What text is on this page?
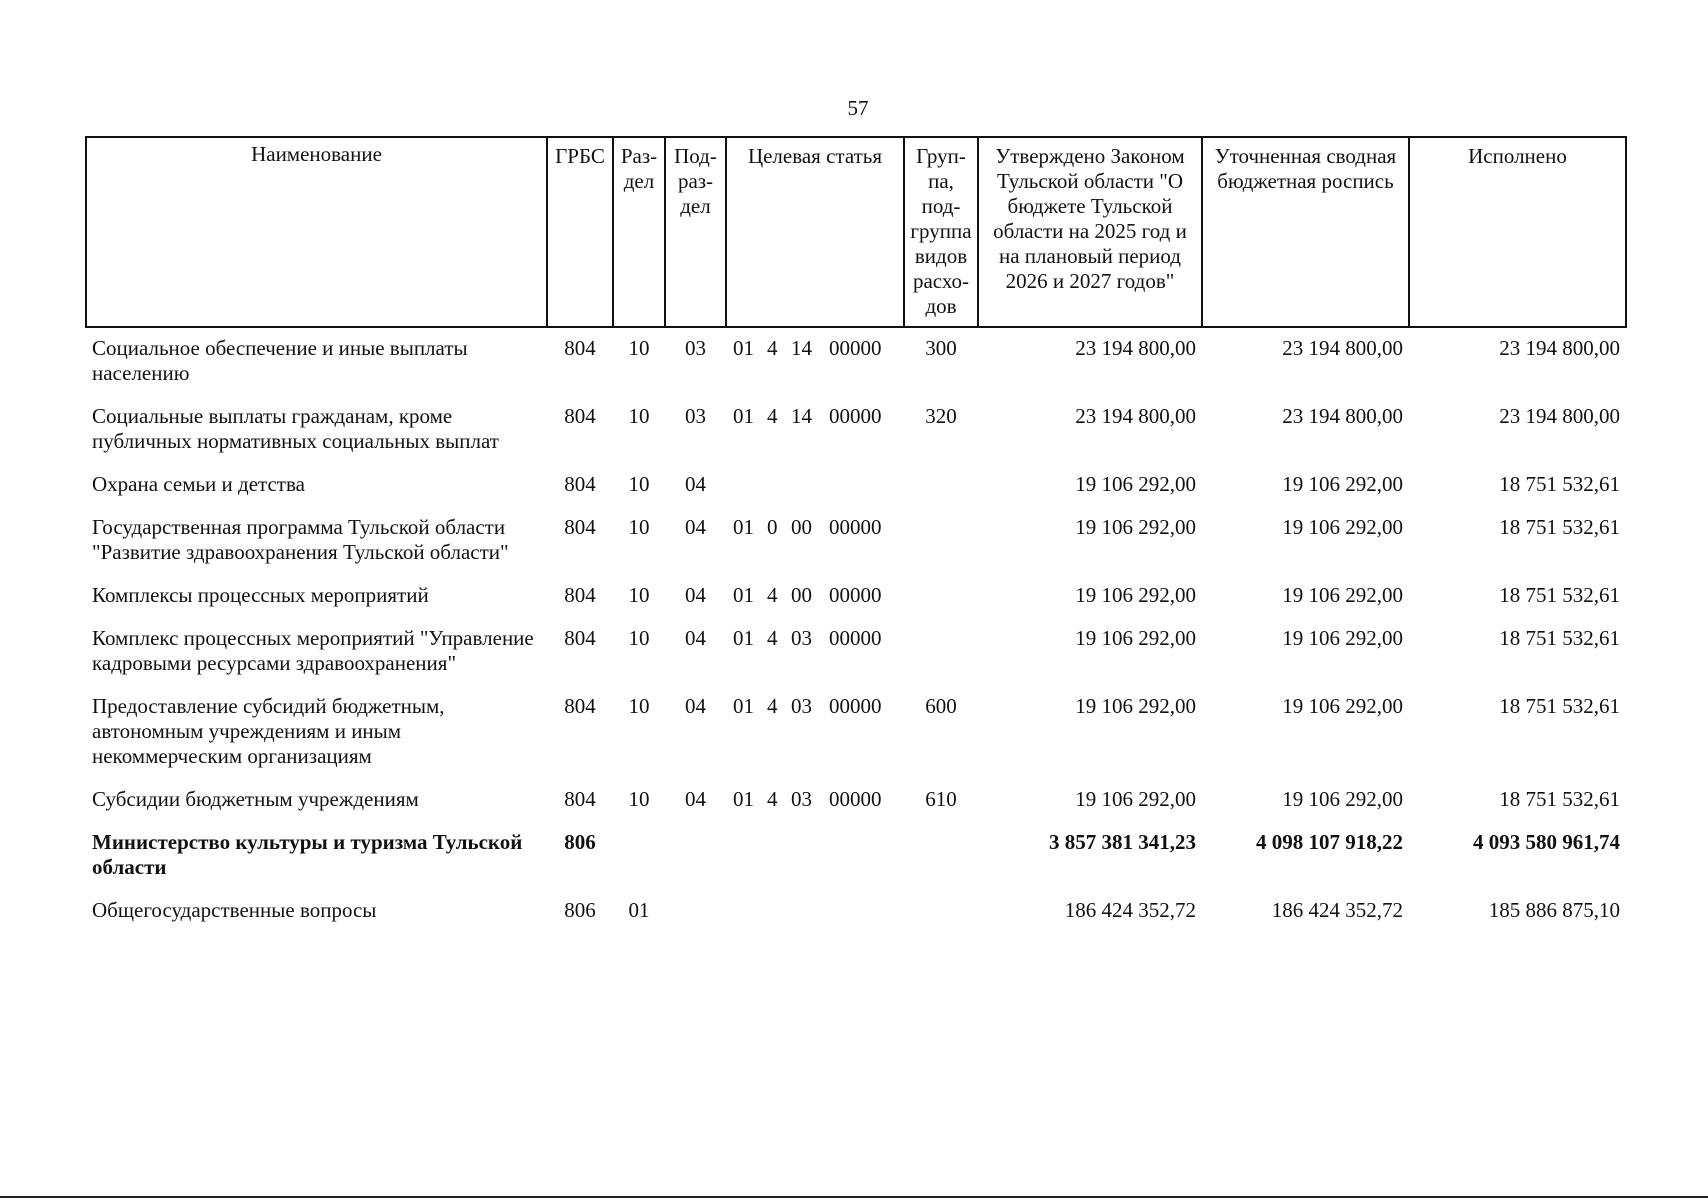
57
Наименование	ГРБС	Раз-дел	Под-раз-дел	Целевая статья	Груп-па, под-группа видов расхо-дов	Утверждено Законом Тульской области "О бюджете Тульской области на 2025 год и на плановый период 2026 и 2027 годов"	Уточненная сводная бюджетная роспись	Исполнено
Социальное обеспечение и иные выплаты населению	804	10	03	01 4 14 00000	300	23 194 800,00	23 194 800,00	23 194 800,00
Социальные выплаты гражданам, кроме публичных нормативных социальных выплат	804	10	03	01 4 14 00000	320	23 194 800,00	23 194 800,00	23 194 800,00
Охрана семьи и детства	804	10	04			19 106 292,00	19 106 292,00	18 751 532,61
Государственная программа Тульской области "Развитие здравоохранения Тульской области"	804	10	04	01 0 00 00000		19 106 292,00	19 106 292,00	18 751 532,61
Комплексы процессных мероприятий	804	10	04	01 4 00 00000		19 106 292,00	19 106 292,00	18 751 532,61
Комплекс процессных мероприятий "Управление кадровыми ресурсами здравоохранения"	804	10	04	01 4 03 00000		19 106 292,00	19 106 292,00	18 751 532,61
Предоставление субсидий бюджетным, автономным учреждениям и иным некоммерческим организациям	804	10	04	01 4 03 00000	600	19 106 292,00	19 106 292,00	18 751 532,61
Субсидии бюджетным учреждениям	804	10	04	01 4 03 00000	610	19 106 292,00	19 106 292,00	18 751 532,61
Министерство культуры и туризма Тульской области	806					3 857 381 341,23	4 098 107 918,22	4 093 580 961,74
Общегосударственные вопросы	806	01				186 424 352,72	186 424 352,72	185 886 875,10
